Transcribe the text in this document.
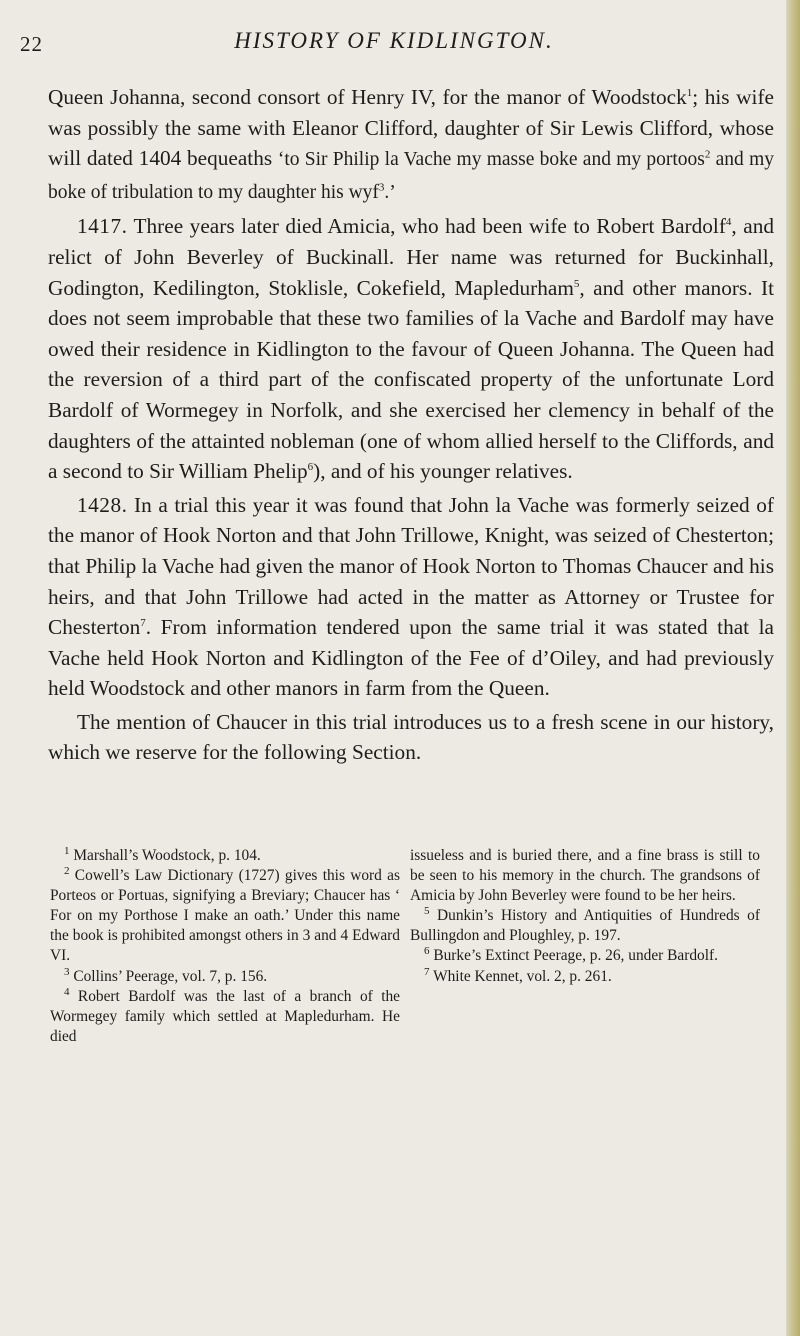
22	HISTORY OF KIDLINGTON.

Queen Johanna, second consort of Henry IV, for the manor of Woodstock$^1$; his wife was possibly the same with Eleanor Clifford, daughter of Sir Lewis Clifford, whose will dated 1404 bequeaths ‘to Sir Philip la Vache my masse boke and my portoos$^2$ and my boke of tribulation to my daughter his wyf$^3$.’

1417. Three years later died Amicia, who had been wife to Robert Bardolf$^4$, and relict of John Beverley of Buckinall. Her name was returned for Buckinhall, Godington, Kedilington, Stoklisle, Cokefield, Mapledurham$^5$, and other manors. It does not seem improbable that these two families of la Vache and Bardolf may have owed their residence in Kidlington to the favour of Queen Johanna. The Queen had the reversion of a third part of the confiscated property of the unfortunate Lord Bardolf of Wormegey in Norfolk, and she exercised her clemency in behalf of the daughters of the attainted nobleman (one of whom allied herself to the Cliffords, and a second to Sir William Phelip$^6$), and of his younger relatives.

1428. In a trial this year it was found that John la Vache was formerly seized of the manor of Hook Norton and that John Trillowe, Knight, was seized of Chesterton; that Philip la Vache had given the manor of Hook Norton to Thomas Chaucer and his heirs, and that John Trillowe had acted in the matter as Attorney or Trustee for Chesterton$^7$. From information tendered upon the same trial it was stated that la Vache held Hook Norton and Kidlington of the Fee of d’Oiley, and had previously held Woodstock and other manors in farm from the Queen.

The mention of Chaucer in this trial introduces us to a fresh scene in our history, which we reserve for the following Section.

$^1$ Marshall’s Woodstock, p. 104.

$^2$ Cowell’s Law Dictionary (1727) gives this word as Porteos or Portuas, signifying a Breviary; Chaucer has ‘ For on my Porthose I make an oath.’ Under this name the book is prohibited amongst others in 3 and 4 Edward VI.

$^3$ Collins’ Peerage, vol. 7, p. 156.

$^4$ Robert Bardolf was the last of a branch of the Wormegey family which settled at Mapledurham. He died

issueless and is buried there, and a fine brass is still to be seen to his memory in the church. The grandsons of Amicia by John Beverley were found to be her heirs.

$^5$ Dunkin’s History and Antiquities of Hundreds of Bullingdon and Ploughley, p. 197.

$^6$ Burke’s Extinct Peerage, p. 26, under Bardolf.

$^7$ White Kennet, vol. 2, p. 261.
